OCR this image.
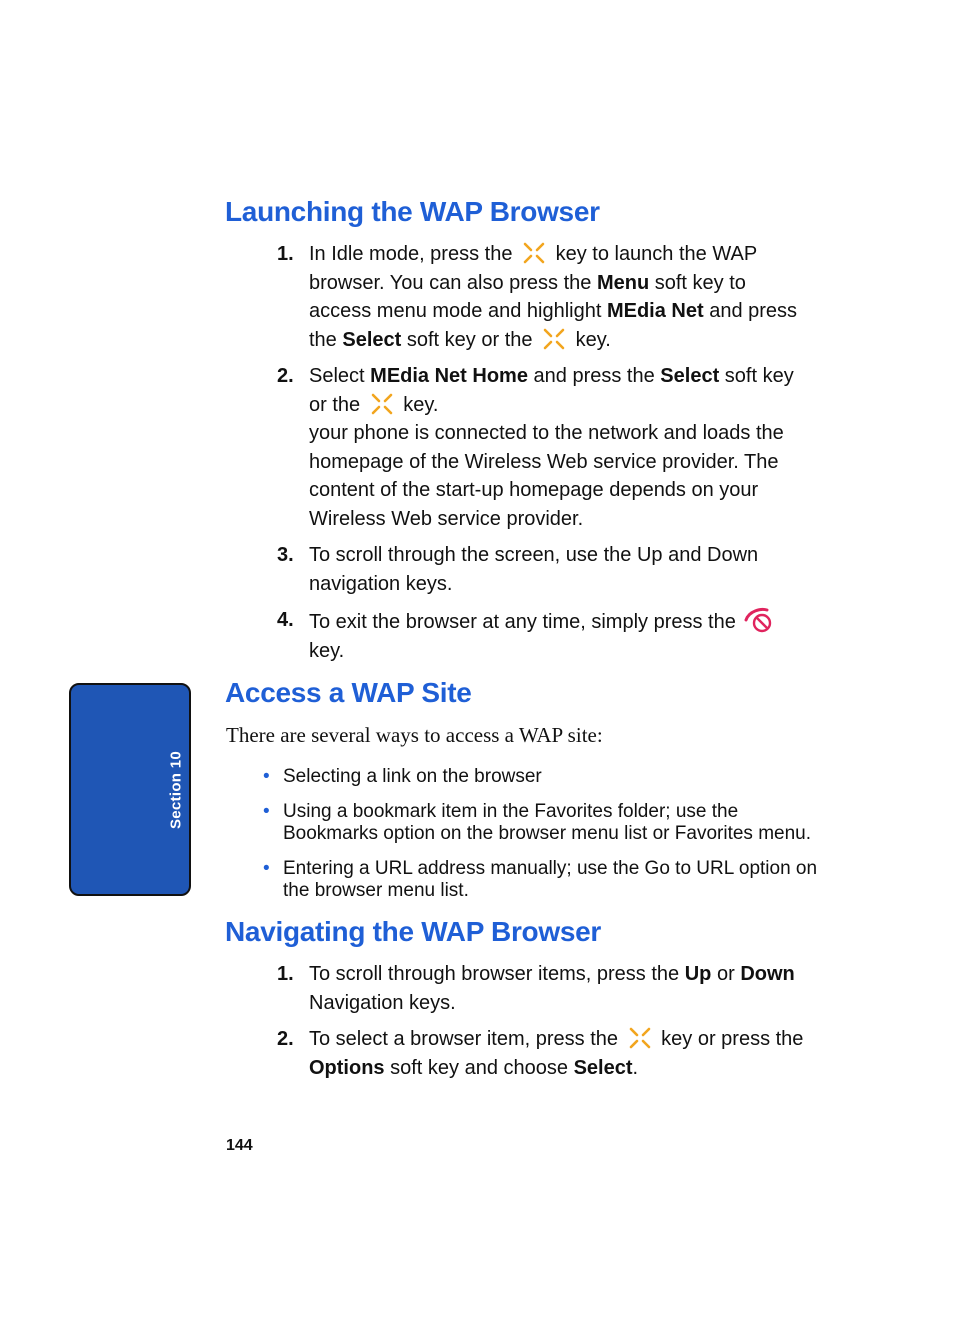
Section 10
Launching the WAP Browser
1. In Idle mode, press the key to launch the WAP browser. You can also press the Menu soft key to access menu mode and highlight MEdia Net and press the Select soft key or the key.
2. Select MEdia Net Home and press the Select soft key or the key.
your phone is connected to the network and loads the homepage of the Wireless Web service provider. The content of the start-up homepage depends on your Wireless Web service provider.
3. To scroll through the screen, use the Up and Down navigation keys.
4. To exit the browser at any time, simply press the  key.
Access a WAP Site

There are several ways to access a WAP site:

• Selecting a link on the browser
• Using a bookmark item in the Favorites folder; use the Bookmarks option on the browser menu list or Favorites menu.
• Entering a URL address manually; use the Go to URL option on the browser menu list.
Navigating the WAP Browser
1. To scroll through browser items, press the Up or Down Navigation keys.
2. To select a browser item, press the key or press the Options soft key and choose Select.

144
